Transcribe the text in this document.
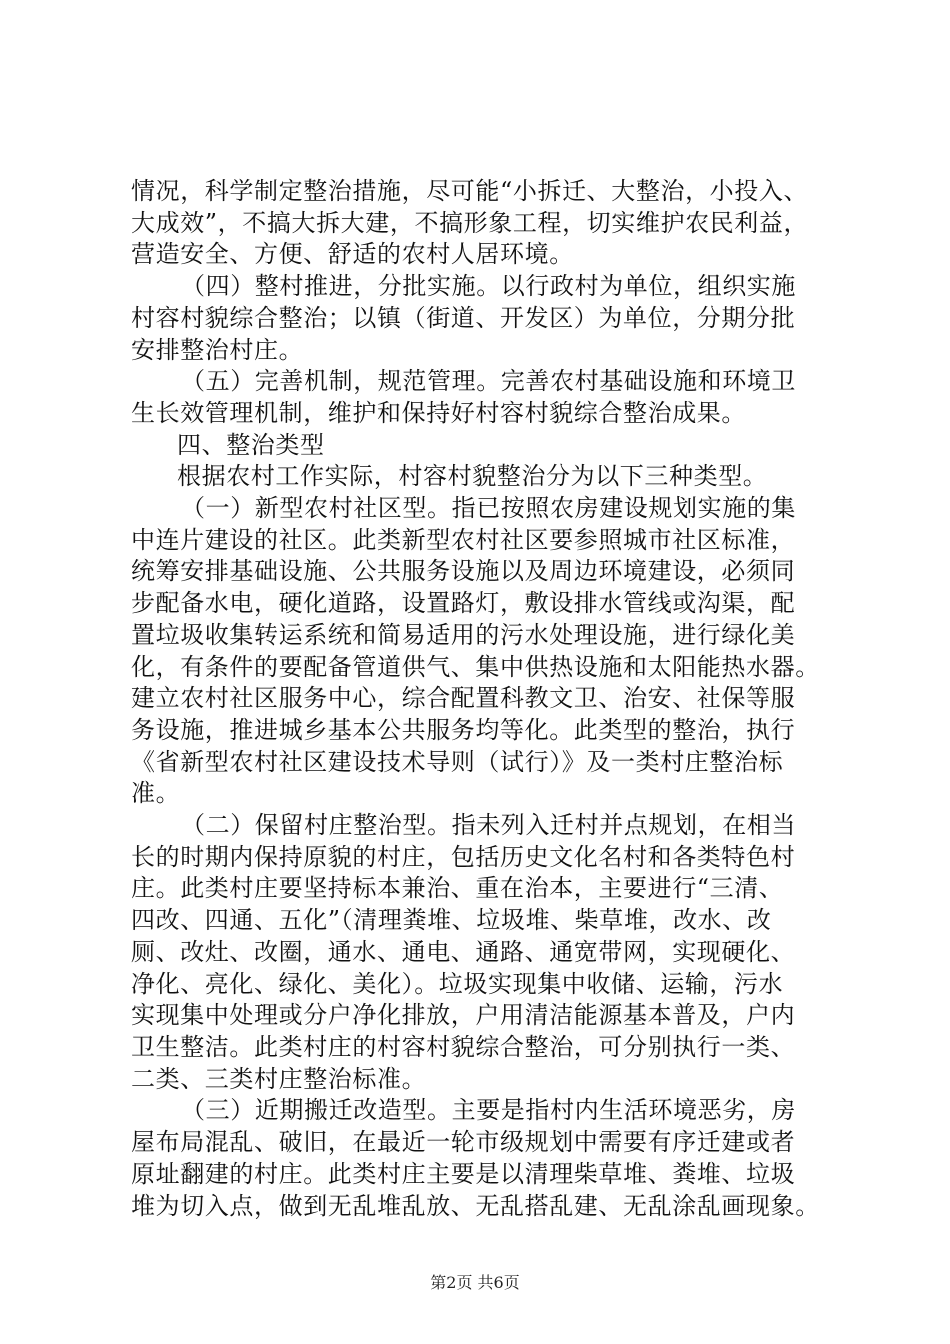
情况，科学制定整治措施，尽可能“小拆迁、大整治，小投入、

大成效”，不搞大拆大建，不搞形象工程，切实维护农民利益，

营造安全、方便、舒适的农村人居环境。

（四）整村推进，分批实施。以行政村为单位，组织实施

村容村貌综合整治；以镇（街道、开发区）为单位，分期分批

安排整治村庄。

（五）完善机制，规范管理。完善农村基础设施和环境卫

生长效管理机制，维护和保持好村容村貌综合整治成果。

四、整治类型

根据农村工作实际，村容村貌整治分为以下三种类型。

（一）新型农村社区型。指已按照农房建设规划实施的集

中连片建设的社区。此类新型农村社区要参照城市社区标准，

统筹安排基础设施、公共服务设施以及周边环境建设，必须同

步配备水电，硬化道路，设置路灯，敷设排水管线或沟渠，配

置垃圾收集转运系统和简易适用的污水处理设施，进行绿化美

化，有条件的要配备管道供气、集中供热设施和太阳能热水器。

建立农村社区服务中心，综合配置科教文卫、治安、社保等服

务设施，推进城乡基本公共服务均等化。此类型的整治，执行

《省新型农村社区建设技术导则（试行）》及一类村庄整治标

准。

（二）保留村庄整治型。指未列入迁村并点规划，在相当

长的时期内保持原貌的村庄，包括历史文化名村和各类特色村

庄。此类村庄要坚持标本兼治、重在治本，主要进行“三清、

四改、四通、五化”（清理粪堆、垃圾堆、柴草堆，改水、改

厕、改灶、改圈，通水、通电、通路、通宽带网，实现硬化、

净化、亮化、绿化、美化）。垃圾实现集中收储、运输，污水

实现集中处理或分户净化排放，户用清洁能源基本普及，户内

卫生整洁。此类村庄的村容村貌综合整治，可分别执行一类、

二类、三类村庄整治标准。

（三）近期搬迁改造型。主要是指村内生活环境恶劣，房

屋布局混乱、破旧，在最近一轮市级规划中需要有序迁建或者

原址翻建的村庄。此类村庄主要是以清理柴草堆、粪堆、垃圾

堆为切入点，做到无乱堆乱放、无乱搭乱建、无乱涂乱画现象。

第2页 共6页
